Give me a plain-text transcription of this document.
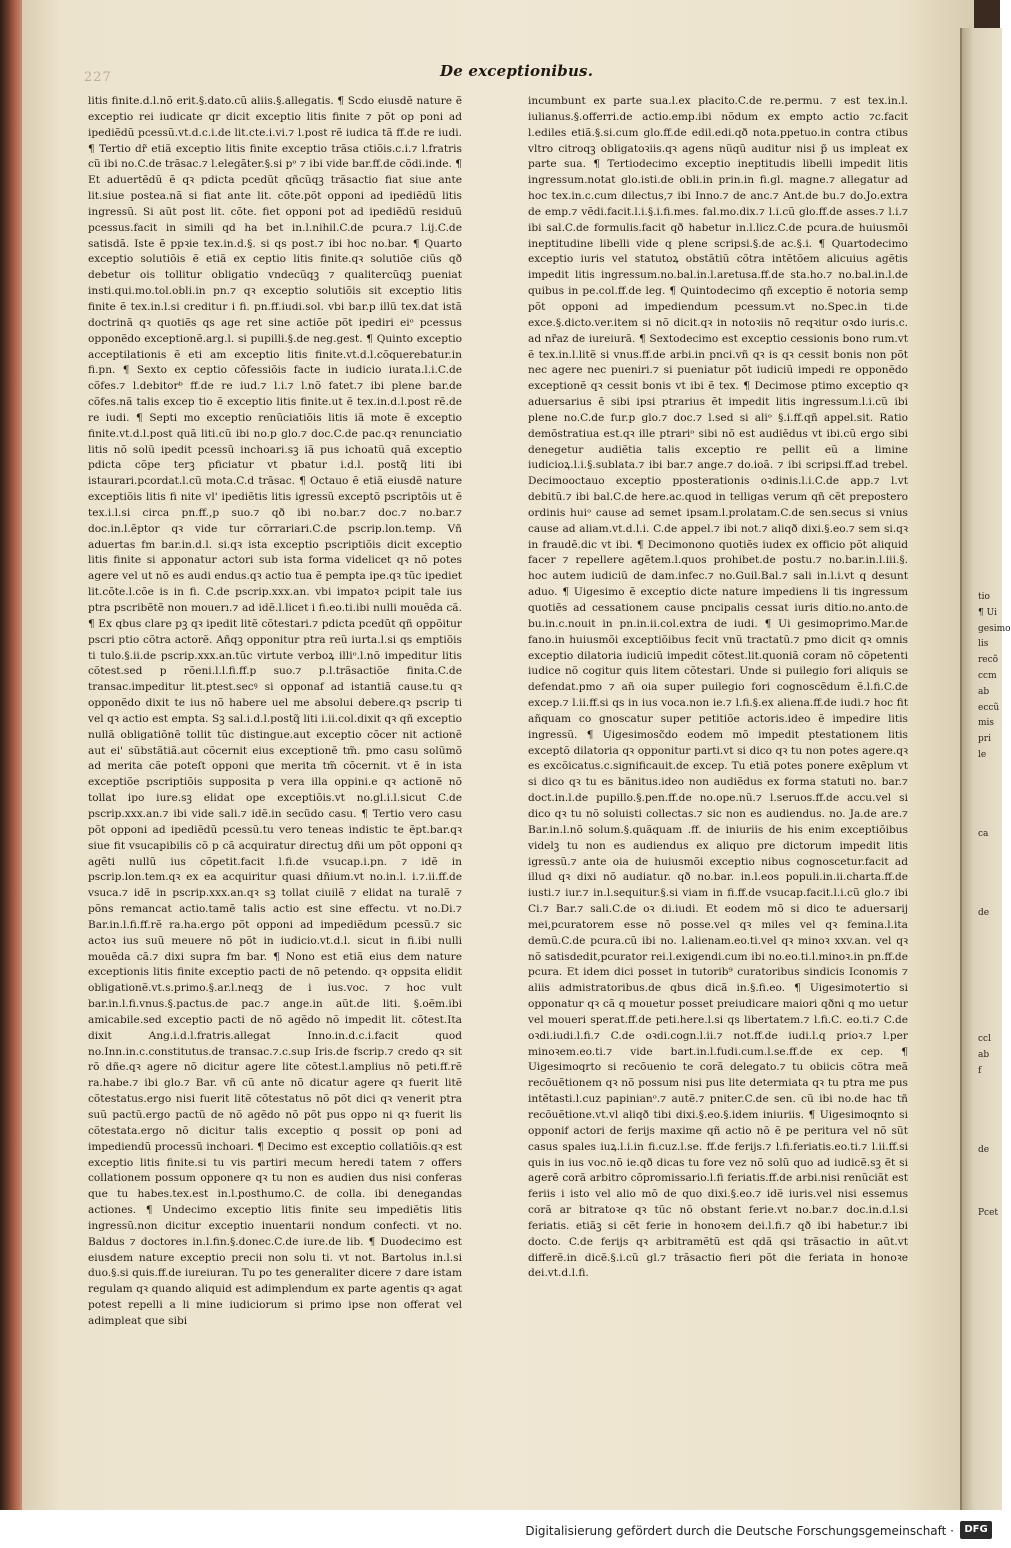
227	De exceptionibus.

litis finite.d.l.nõ erit.§.dato.cũ aliis.§.allegatis. ¶ Scdo eiusdẽ nature ẽ exceptio rei iudicate qr dicit exceptio litis finite ⁊ põt op poni ad ipediẽdũ pcessũ.vt.d.c.i.de lit.cte.i.vi.⁊ l.post rẽ iudica tã ff.de re iudi. ¶ Tertio dr̃ etiã exceptio litis finite exceptio trãsa ctiõis.c.i.⁊ l.fratris cũ ibi no.C.de trãsac.⁊ l.elegãter.§.si pᵒ ⁊ ibi vide bar.ff.de cõdi.inde. ¶ Et aduertẽdũ ẽ qꝛ pdicta pcedũt qñcũqꝫ trãsactio fiat siue ante lit.siue postea.nã si fiat ante lit. cõte.põt opponi ad ipediẽdũ litis ingressũ. Si aũt post lit. cõte. fiet opponi pot ad ipediẽdũ residuũ pcessus.facit in simili qd ha bet in.l.nihil.C.de pcura.⁊ l.ij.C.de satisdã. Iste ẽ ppꝛie tex.in.d.§. si qs post.⁊ ibi hoc no.bar. ¶ Quarto exceptio solutiõis ẽ etiã ex ceptio litis finite.qꝛ solutiõe ciũs qð debetur ois tollitur obligatio vndecũqꝫ ⁊ qualitercũqꝫ pueniat insti.qui.mo.tol.obli.in pn.⁊ qꝛ exceptio solutiõis sit exceptio litis finite ẽ tex.in.l.si creditur i fi. pn.ff.iudi.sol. vbi bar.p illũ tex.dat istã doctrinã qꝛ quotiẽs qs age ret sine actiõe põt ipediri eiᵒ pcessus opponẽdo exceptionẽ.arg.l. si pupilli.§.de neg.gest. ¶ Quinto exceptio acceptilationis ẽ eti am exceptio litis finite.vt.d.l.cõquerebatur.in fi.pn. ¶ Sexto ex ceptio cõfessiõis facte in iudicio iurata.l.i.C.de cõfes.⁊ l.debitorᵇ ff.de re iud.⁊ l.i.⁊ l.nõ fatet.⁊ ibi plene bar.de cõfes.nã talis excep tio ẽ exceptio litis finite.ut ẽ tex.in.d.l.post rẽ.de re iudi. ¶ Septi mo exceptio renũciatiõis litis iã mote ẽ exceptio finite.vt.d.l.post quã liti.cũ ibi no.p glo.⁊ doc.C.de pac.qꝛ renunciatio litis nõ solũ ipedit pcessũ inchoari.sꝫ iã pus ichoatũ quã exceptio pdicta cõpe terꝫ pficiatur vt pbatur i.d.l. postq̃ liti ibi istaurari.pcordat.l.cũ mota.C.d trãsac. ¶ Octauo ẽ etiã eiusdẽ nature exceptiõis litis fi nite vl' ipediẽtis litis igressũ exceptõ pscriptõis ut ẽ tex.i.l.si circa pn.ff.,p suo.⁊ qð ibi no.bar.⁊ doc.⁊ no.bar.⁊ doc.in.l.ẽptor qꝛ vide tur cõrrariari.C.de pscrip.lon.temp. Vñ aduertas fm bar.in.d.l. si.qꝛ ista exceptio pscriptiõis dicit exceptio litis finite si apponatur actori sub ista forma videlicet qꝛ nõ potes agere vel ut nõ es audi endus.qꝛ actio tua ẽ pempta ipe.qꝛ tũc ipediet lit.cõte.l.cõe is in fi. C.de pscrip.xxx.an. vbi impatoꝛ pcipit tale ius ptra pscribẽtẽ non mouerı.⁊ ad idẽ.l.licet i fi.eo.ti.ibi nulli mouẽda cã. ¶ Ex qbus clare pꝫ qꝛ ipedit litẽ cõtestari.⁊ pdicta pcedũt qñ oppõitur pscri ptio cõtra actorẽ. Añqꝫ opponitur ptra reũ iurta.l.si qs emptiõis ti tulo.§.ii.de pscrip.xxx.an.tũc virtute verboꝝ illiᵒ.l.nõ impeditur litis cõtest.sed p rõeni.l.l.fi.ff.p suo.⁊ p.l.trãsactiõe finita.C.de transac.impeditur lit.ptest.secꝰ si opponaf ad istantiã cause.tu qꝛ opponẽdo dixit te ius nõ habere uel me absolui debere.qꝛ pscrip ti vel qꝛ actio est empta. Sꝫ sal.i.d.l.postq̃ liti i.ii.col.dixit qꝛ qñ exceptio nullã obligatiõnẽ tollit tũc distingue.aut exceptio cõcer nit actionẽ aut ei' sũbstãtiã.aut cõcernit eius exceptionẽ tm̃. pmo casu solũmõ ad merita cãe poteſt opponi que merita tm̃ cõcernit. vt ẽ in ista exceptiõe pscriptiõis supposita p vera illa oppini.e qꝛ actionẽ nõ tollat ipo iure.sꝫ elidat ope exceptiõis.vt no.gl.i.l.sicut C.de pscrip.xxx.an.⁊ ibi vide sali.⁊ idẽ.in secũdo casu. ¶ Tertio vero casu põt opponi ad ipediẽdũ pcessũ.tu vero teneas indistic te ẽpt.bar.qꝛ siue fit vsucapibilis cõ p cã acquiratur directuꝫ dñi um põt opponi qꝛ agẽti nullũ ius cõpetit.facit l.fi.de vsucap.i.pn. ⁊ idẽ in pscrip.lon.tem.qꝛ ex ea acquiritur quasi dñium.vt no.in.l. i.⁊.ii.ff.de vsuca.⁊ idẽ in pscrip.xxx.an.qꝛ sꝫ tollat ciuilẽ ⁊ elidat na turalẽ ⁊ põns remancat actio.tamẽ talis actio est sine effectu. vt no.Di.⁊ Bar.in.l.fi.ff.rẽ ra.ha.ergo põt opponi ad impediẽdum pcessũ.⁊ sic actoꝛ ius suũ meuere nõ põt in iudicio.vt.d.l. sicut in fi.ibi nulli mouẽda cã.⁊ dixi supra fm bar. ¶ Nono est etiã eius dem nature exceptionis litis finite exceptio pacti de nõ petendo. qꝛ oppsita elidit obligationẽ.vt.s.primo.§.ar.l.neqꝫ de i ius.voc. ⁊ hoc vult bar.in.l.fi.vnus.§.pactus.de pac.⁊ ange.in aũt.de liti. §.oẽm.ibi amicabile.sed exceptio pacti de nõ agẽdo nõ impedit lit. cõtest.Ita dixit Ang.i.d.l.fratris.allegat Inno.in.d.c.i.facit quod no.Inn.in.c.constitutus.de transac.⁊.c.sup Iris.de fscrip.⁊ credo qꝛ sit rõ dñe.qꝛ agere nõ dicitur agere lite cõtest.l.amplius nõ peti.ff.rẽ ra.habe.⁊ ibi glo.⁊ Bar. vñ cũ ante nõ dicatur agere qꝛ fuerit litẽ cõtestatus.ergo nisi fuerit litẽ cõtestatus nõ põt dici qꝛ venerit ptra suũ pactũ.ergo pactũ de nõ agẽdo nõ põt pus oppo ni qꝛ fuerit lis cõtestata.ergo nõ dicitur talis exceptio q possit op poni ad impediendũ processũ inchoari. ¶ Decimo est exceptio collatiõis.qꝛ est exceptio litis finite.si tu vis partiri mecum heredi tatem ⁊ offers collationem possum opponere qꝛ tu non es audien dus nisi conferas que tu habes.tex.est in.l.posthumo.C. de colla. ibi denegandas actiones. ¶ Undecimo exceptio litis finite seu impediẽtis litis ingressũ.non dicitur exceptio inuentarii nondum confecti. vt no. Baldus ⁊ doctores in.l.fin.§.donec.C.de iure.de lib. ¶ Duodecimo est eiusdem nature exceptio precii non solu ti. vt not. Bartolus in.l.si duo.§.si quis.ff.de iureiuran. Tu po tes generaliter dicere ⁊ dare istam regulam qꝛ quando aliquid est adimplendum ex parte agentis qꝛ agat potest repelli a li mine iudiciorum si primo ipse non offerat vel adimpleat que sibi

incumbunt ex parte sua.l.ex placito.C.de re.permu. ⁊ est tex.in.l. iulianus.§.offerri.de actio.emp.ibi nõdum ex empto actio ⁊c.facit l.ediles etiã.§.si.cum glo.ff.de edil.edi.qð nota.ppetuo.in contra ctibus vltro citroqꝫ obligatoꝛiis.qꝛ agens nũqũ auditur nisi p̃ us impleat ex parte sua. ¶ Tertiodecimo exceptio ineptitudis libelli impedit litis ingressum.notat glo.isti.de obli.in prin.in fi.gl. magne.⁊ allegatur ad hoc tex.in.c.cum dilectus,⁊ ibi Inno.⁊ de anc.⁊ Ant.de bu.⁊ do.Jo.extra de emp.⁊ vẽdi.facit.l.i.§.i.fi.mes. fal.mo.dix.⁊ l.i.cũ glo.ff.de asses.⁊ l.i.⁊ ibi sal.C.de formulis.facit qð habetur in.l.licz.C.de pcura.de huiusmõi ineptitudine libelli vide q plene scripsi.§.de ac.§.i. ¶ Quartodecimo exceptio iuris vel statutoꝝ obstãtiũ cõtra intẽtõem alicuius agẽtis impedit litis ingressum.no.bal.in.l.aretusa.ff.de sta.ho.⁊ no.bal.in.l.de quibus in pe.col.ff.de leg. ¶ Quintodecimo qñ exceptio ẽ notoria semp põt opponi ad impediendum pcessum.vt no.Spec.in ti.de exce.§.dicto.ver.item si nõ dicit.qꝛ in notoꝛiis nõ reqꝛitur oꝛdo iuris.c. ad nr̃az de iureiurã. ¶ Sextodecimo est exceptio cessionis bono rum.vt ẽ tex.in.l.litẽ si vnus.ff.de arbi.in pnci.vñ qꝛ is qꝛ cessit bonis non põt nec agere nec pueniri.⁊ si pueniatur põt iudiciũ impedi re opponẽdo exceptionẽ qꝛ cessit bonis vt ibi ẽ tex. ¶ Decimose ptimo exceptio qꝛ aduersarius ẽ sibi ipsi ptrarius ẽt impedit litis ingressum.l.i.cũ ibi plene no.C.de fur.p glo.⁊ doc.⁊ l.sed si aliᵒ §.i.ff.qñ appel.sit. Ratio demõstratiua est.qꝛ ille ptrariᵒ sibi nõ est audiẽdus vt ibi.cũ ergo sibi denegetur audiẽtia talis exceptio re pellit eũ a limine iudicioꝝ.l.i.§.sublata.⁊ ibi bar.⁊ ange.⁊ do.ioã. ⁊ ibi scripsi.ff.ad trebel. Decimooctauo exceptio pposterationis oꝛdinis.l.i.C.de app.⁊ l.vt debitũ.⁊ ibi bal.C.de here.ac.quod in telligas verum qñ cẽt prepostero ordinis huiᵒ cause ad semet ipsam.l.prolatam.C.de sen.secus si vnius cause ad aliam.vt.d.l.i. C.de appel.⁊ ibi not.⁊ aliqð dixi.§.eo.⁊ sem si.qꝛ in fraudẽ.dic vt ibi. ¶ Decimonono quotiẽs iudex ex officio põt aliquid facer ⁊ repellere agẽtem.l.quos prohibet.de postu.⁊ no.bar.in.l.iii.§. hoc autem iudiciũ de dam.infec.⁊ no.Guil.Bal.⁊ sali in.l.i.vt q desunt aduo. ¶ Uigesimo ẽ exceptio dicte nature impediens li tis ingressum quotiẽs ad cessationem cause pncipalis cessat iuris ditio.no.anto.de bu.in.c.nouit in pn.in.ii.col.extra de iudi. ¶ Ui gesimoprimo.Mar.de fano.in huiusmõi exceptiõibus fecit vnũ tractatũ.⁊ pmo dicit qꝛ omnis exceptio dilatoria iudiciũ impedit cõtest.lit.quoniã coram nõ cõpetenti iudice nõ cogitur quis litem cõtestari. Unde si puilegio fori aliquis se defendat.pmo ⁊ añ oia super puilegio fori cognoscẽdum ẽ.l.fi.C.de excep.⁊ l.ii.ff.si qs in ius voca.non ie.⁊ l.fi.§.ex aliena.ff.de iudi.⁊ hoc fit añquam co gnoscatur super petitiõe actoris.ideo ẽ impedire litis ingressũ. ¶ Uigesimosc̃do eodem mõ impedit ptestationem litis exceptõ dilatoria qꝛ opponitur parti.vt si dico qꝛ tu non potes agere.qꝛ es excõicatus.c.significauit.de excep. Tu etiã potes ponere exẽplum vt si dico qꝛ tu es bãnitus.ideo non audiẽdus ex forma statuti no. bar.⁊ doct.in.l.de pupillo.§.pen.ff.de no.ope.nũ.⁊ l.seruos.ff.de accu.vel si dico qꝛ tu nõ soluisti collectas.⁊ sic non es audiendus. no. Ja.de are.⁊ Bar.in.l.nõ solum.§.quãquam .ff. de iniuriis de his enim exceptiõibus videlꝫ tu non es audiendus ex aliquo pre dictorum impedit litis igressũ.⁊ ante oia de huiusmõi exceptio nibus cognoscetur.facit ad illud qꝛ dixi nõ audiatur. qð no.bar. in.l.eos populi.in.ii.charta.ff.de iusti.⁊ iur.⁊ in.l.sequitur.§.si viam in fi.ff.de vsucap.facit.l.i.cũ glo.⁊ ibi Ci.⁊ Bar.⁊ sali.C.de oꝛ di.iudi. Et eodem mõ si dico te aduersarij mei,pcuratorem esse nõ posse.vel qꝛ miles vel qꝛ femina.l.ita demũ.C.de pcura.cũ ibi no. l.alienam.eo.ti.vel qꝛ minoꝛ xxv.an. vel qꝛ nõ satisdedit,pcurator rei.l.exigendi.cum ibi no.eo.ti.l.minoꝛ.in pn.ff.de pcura. Et idem dici posset in tutorib⁹ curatoribus sindicis Iconomis ⁊ aliis admistratoribus.de qbus dicã in.§.fi.eo. ¶ Uigesimotertio si opponatur qꝛ cã q mouetur posset preiudicare maiori qðni q mo uetur vel moueri sperat.ff.de peti.here.l.si qs libertatem.⁊ l.fi.C. eo.ti.⁊ C.de oꝛdi.iudi.l.fi.⁊ C.de oꝛdi.cogn.l.ii.⁊ not.ff.de iudi.l.q prioꝛ.⁊ l.per minoꝛem.eo.ti.⁊ vide bart.in.l.fudi.cum.l.se.ff.de ex cep. ¶ Uigesimoqrto si recõuenio te corã delegato.⁊ tu obiicis cõtra meã recõuẽtionem qꝛ nõ possum nisi pus lite determiata qꝛ tu ptra me pus intẽtasti.l.cuz papinianᵒ.⁊ autẽ.⁊ pniter.C.de sen. cũ ibi no.de hac tñ recõuẽtione.vt.vl aliqð tibi dixi.§.eo.§.idem iniuriis. ¶ Uigesimoqnto si opponif actori de ferijs maxime qñ actio nõ ẽ pe peritura vel nõ sũt casus spales iuꝝ.l.i.in fi.cuz.l.se. ff.de ferijs.⁊ l.fi.feriatis.eo.ti.⁊ l.ii.ff.si quis in ius voc.nõ ie.qð dicas tu fore vez nõ solũ quo ad iudicẽ.sꝫ ẽt si agerẽ corã arbitro cõpromissario.l.fi feriatis.ff.de arbi.nisi renũciãt est feriis i isto vel alio mõ de quo dixi.§.eo.⁊ idẽ iuris.vel nisi essemus corã ar bitratoꝛe qꝛ tũc nõ obstant ferie.vt no.bar.⁊ doc.in.d.l.si feriatis. etiãꝫ si cẽt ferie in honoꝛem dei.l.fi.⁊ qð ibi habetur.⁊ ibi docto. C.de ferijs qꝛ arbitramẽtũ est qdã qsi trãsactio in aũt.vt differẽ.in dicẽ.§.i.cũ gl.⁊ trãsactio fieri põt die feriata in honoꝛe dei.vt.d.l.fi.

tio
¶ Ui
gesimo
lis
recõ
ccm
ab
eccũ
mis
pri
le
ca
de
ccl
ab
f
de
Pcet
Digitalisierung gefördert durch die Deutsche Forschungsgemeinschaft ·	DFG
